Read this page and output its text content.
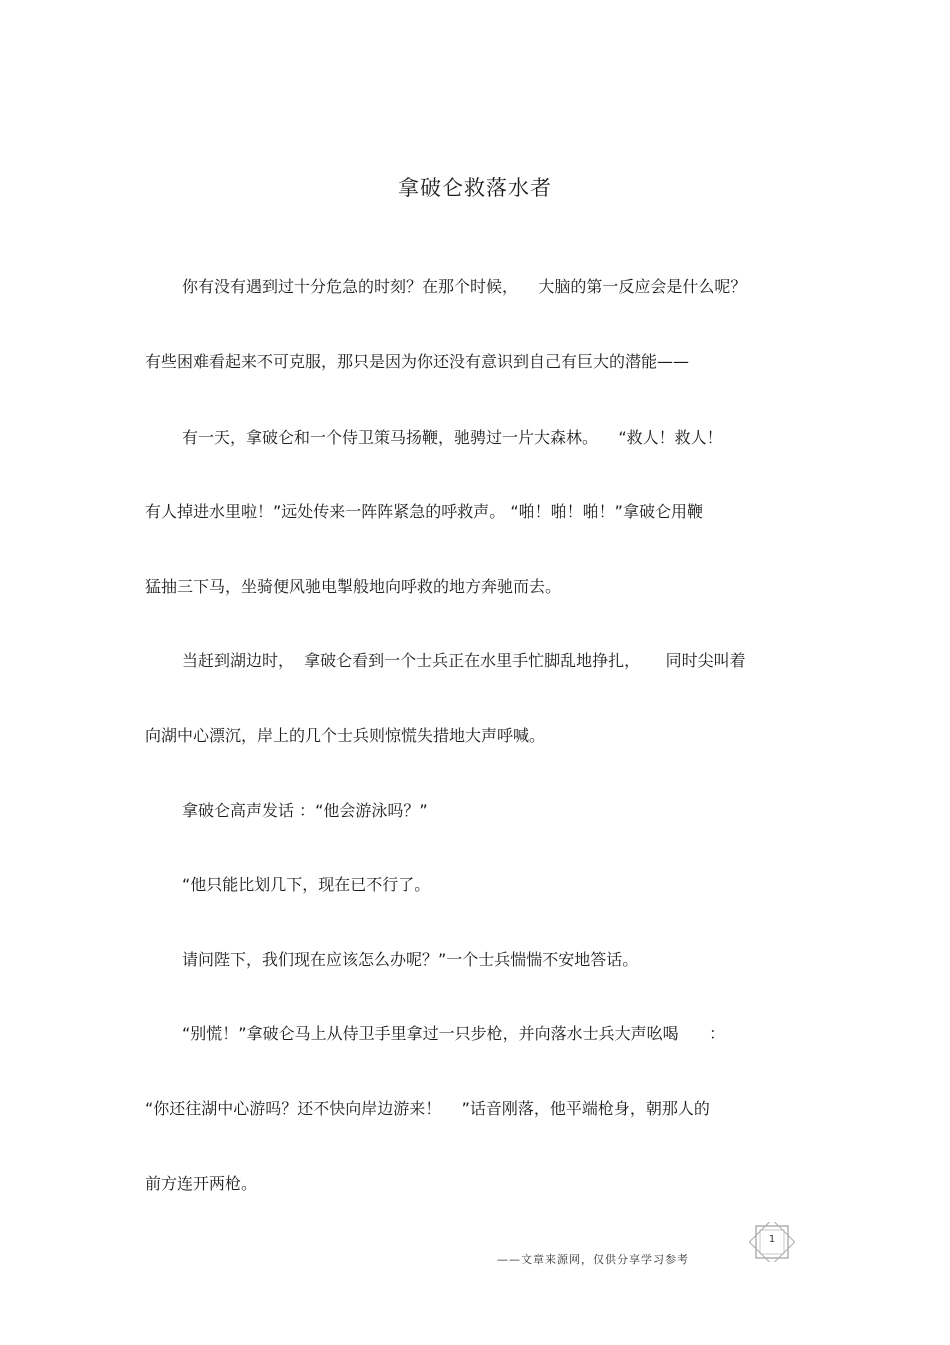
拿破仑救落水者
你有没有遇到过十分危急的时刻？在那个时候，    大脑的第一反应会是什么呢？
有些困难看起来不可克服，那只是因为你还没有意识到自己有巨大的潜能——
有一天，拿破仑和一个侍卫策马扬鞭，驰骋过一片大森林。    “救人！救人！
有人掉进水里啦！”远处传来一阵阵紧急的呼救声。 “啪！啪！啪！”拿破仑用鞭
猛抽三下马，坐骑便风驰电掣般地向呼救的地方奔驰而去。
当赶到湖边时，  拿破仑看到一个士兵正在水里手忙脚乱地挣扎，     同时尖叫着
向湖中心漂沉，岸上的几个士兵则惊慌失措地大声呼喊。
拿破仑高声发话 ：“他会游泳吗？”
“他只能比划几下，现在已不行了。
请问陛下，我们现在应该怎么办呢？”一个士兵惴惴不安地答话。
“别慌！”拿破仑马上从侍卫手里拿过一只步枪，并向落水士兵大声吆喝      ：
“你还往湖中心游吗？还不快向岸边游来！    ”话音刚落，他平端枪身，朝那人的
前方连开两枪。
——文章来源网，仅供分享学习参考
1
